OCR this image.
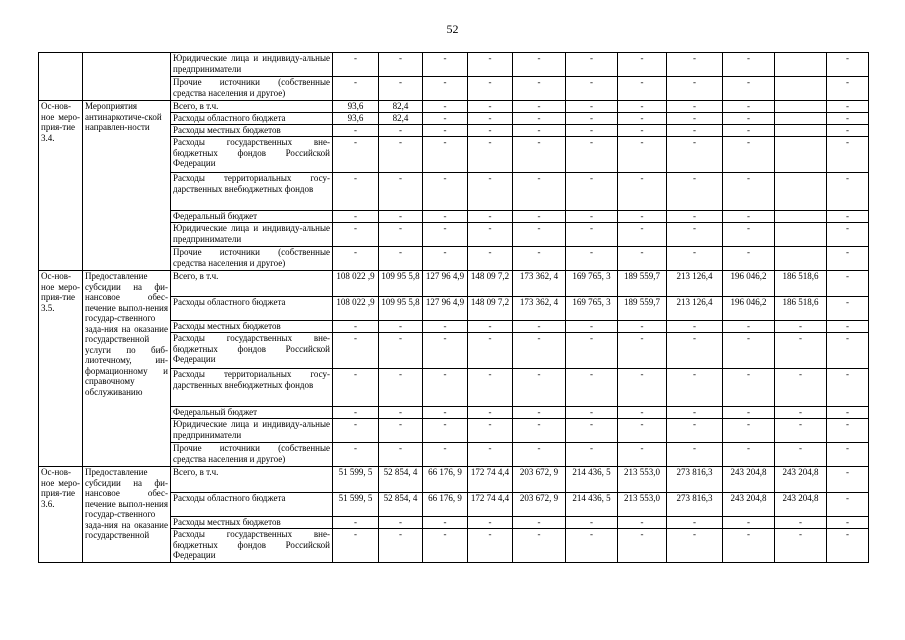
52
		Юридические лица и индивиду-альные предприниматели	-	-	-	-	-	-	-	-	-		-
		Прочие источники (собственные средства населения и другое)	-	-	-	-	-	-	-	-	-		-
Ос-нов-ное меро-прия-тие 3.4.	Мероприятия антинаркотиче-ской направлен-ности	Всего, в т.ч.	93,6	82,4	-	-	-	-	-	-	-		-
		Расходы областного бюджета	93,6	82,4	-	-	-	-	-	-	-		-
		Расходы местных бюджетов	-	-	-	-	-	-	-	-	-		-
		Расходы государственных вне-бюджетных фондов Российской Федерации	-	-	-	-	-	-	-	-	-		-
		Расходы территориальных госу-дарственных внебюджетных фондов	-	-	-	-	-	-	-	-	-		-
		Федеральный бюджет	-	-	-	-	-	-	-	-	-		-
		Юридические лица и индивиду-альные предприниматели	-	-	-	-	-	-	-	-	-		-
		Прочие источники (собственные средства населения и другое)	-	-	-	-	-	-	-	-	-		-
Ос-нов-ное меро-прия-тие 3.5.	Предоставление субсидии на фи-нансовое обес-печение выпол-нения государ-ственного зада-ния на оказание государственной услуги по биб-лиотечному, ин-формационному и справочному обслуживанию	Всего, в т.ч.	108 022 ,9	109 95 5,8	127 96 4,9	148 09 7,2	173 362, 4	169 765, 3	189 559,7	213 126,4	196 046,2	186 518,6	-
		Расходы областного бюджета	108 022 ,9	109 95 5,8	127 96 4,9	148 09 7,2	173 362, 4	169 765, 3	189 559,7	213 126,4	196 046,2	186 518,6	-
		Расходы местных бюджетов	-	-	-	-	-	-	-	-	-	-	-
		Расходы государственных вне-бюджетных фондов Российской Федерации	-	-	-	-	-	-	-	-	-	-	-
		Расходы территориальных госу-дарственных внебюджетных фондов	-	-	-	-	-	-	-	-	-	-	-
		Федеральный бюджет	-	-	-	-	-	-	-	-	-	-	-
		Юридические лица и индивиду-альные предприниматели	-	-	-	-	-	-	-	-	-	-	-
		Прочие источники (собственные средства населения и другое)	-	-	-	-	-	-	-	-	-	-	-
Ос-нов-ное меро-прия-тие 3.6.	Предоставление субсидии на фи-нансовое обес-печение выпол-нения государ-ственного зада-ния на оказание государственной	Всего, в т.ч.	51 599, 5	52 854, 4	66 176, 9	172 74 4,4	203 672, 9	214 436, 5	213 553,0	273 816,3	243 204,8	243 204,8	-
		Расходы областного бюджета	51 599, 5	52 854, 4	66 176, 9	172 74 4,4	203 672, 9	214 436, 5	213 553,0	273 816,3	243 204,8	243 204,8	-
		Расходы местных бюджетов	-	-	-	-	-	-	-	-	-	-	-
		Расходы государственных вне-бюджетных фондов Российской Федерации	-	-	-	-	-	-	-	-	-	-	-
